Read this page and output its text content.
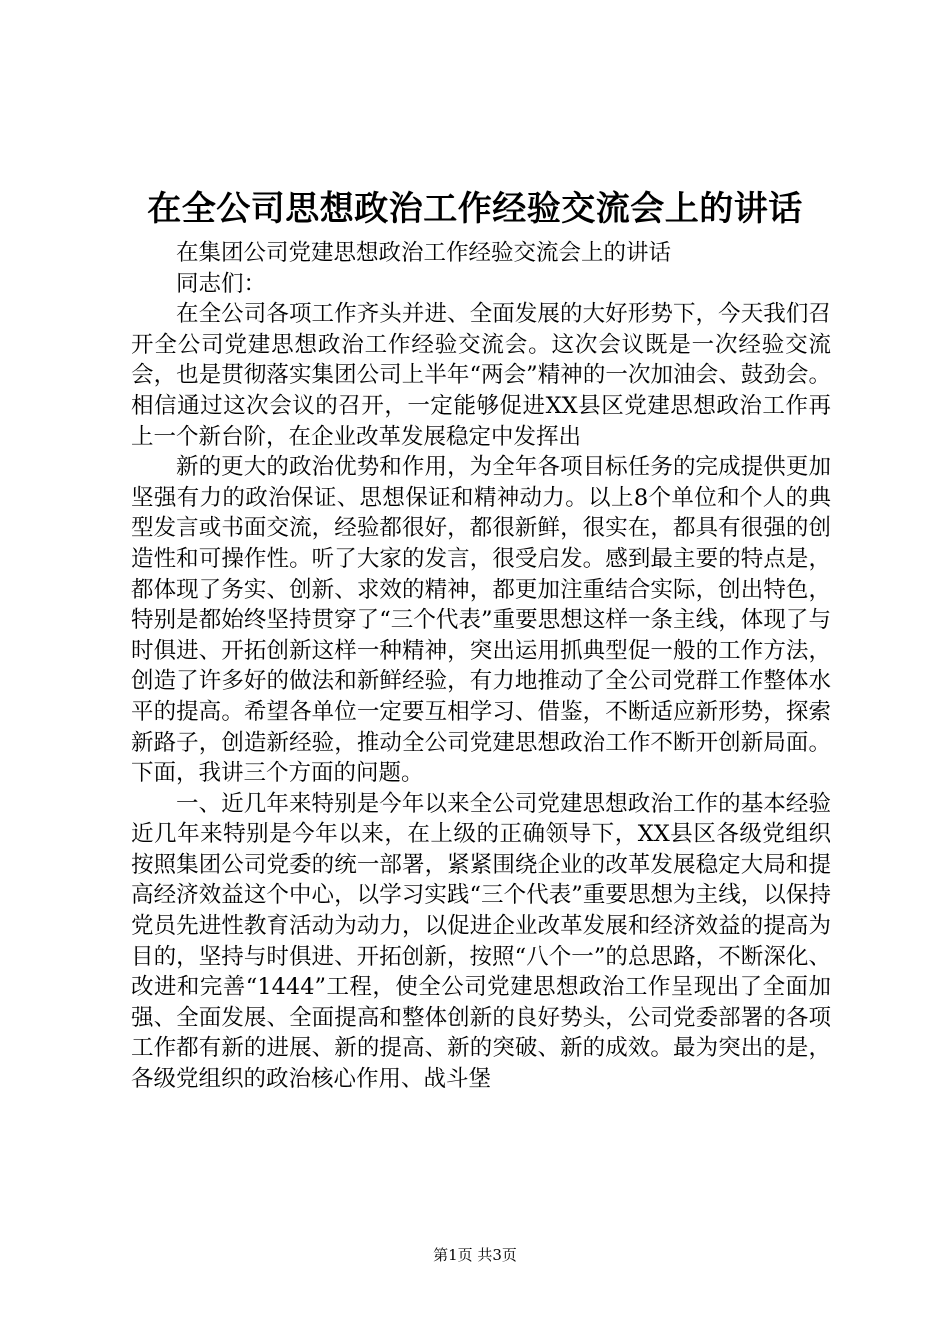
在全公司思想政治工作经验交流会上的讲话

在集团公司党建思想政治工作经验交流会上的讲话

同志们：

在全公司各项工作齐头并进、全面发展的大好形势下，今天我们召开全公司党建思想政治工作经验交流会。这次会议既是一次经验交流会，也是贯彻落实集团公司上半年“两会”精神的一次加油会、鼓劲会。相信通过这次会议的召开，一定能够促进XX县区党建思想政治工作再上一个新台阶，在企业改革发展稳定中发挥出

新的更大的政治优势和作用，为全年各项目标任务的完成提供更加坚强有力的政治保证、思想保证和精神动力。以上8个单位和个人的典型发言或书面交流，经验都很好，都很新鲜，很实在，都具有很强的创造性和可操作性。听了大家的发言，很受启发。感到最主要的特点是，都体现了务实、创新、求效的精神，都更加注重结合实际，创出特色，特别是都始终坚持贯穿了“三个代表”重要思想这样一条主线，体现了与时俱进、开拓创新这样一种精神，突出运用抓典型促一般的工作方法，创造了许多好的做法和新鲜经验，有力地推动了全公司党群工作整体水平的提高。希望各单位一定要互相学习、借鉴，不断适应新形势，探索新路子，创造新经验，推动全公司党建思想政治工作不断开创新局面。下面，我讲三个方面的问题。

一、近几年来特别是今年以来全公司党建思想政治工作的基本经验近几年来特别是今年以来，在上级的正确领导下，XX县区各级党组织按照集团公司党委的统一部署，紧紧围绕企业的改革发展稳定大局和提高经济效益这个中心，以学习实践“三个代表”重要思想为主线，以保持党员先进性教育活动为动力，以促进企业改革发展和经济效益的提高为目的，坚持与时俱进、开拓创新，按照“八个一”的总思路，不断深化、改进和完善“1444”工程，使全公司党建思想政治工作呈现出了全面加强、全面发展、全面提高和整体创新的良好势头，公司党委部署的各项工作都有新的进展、新的提高、新的突破、新的成效。最为突出的是，各级党组织的政治核心作用、战斗堡

第1页 共3页
